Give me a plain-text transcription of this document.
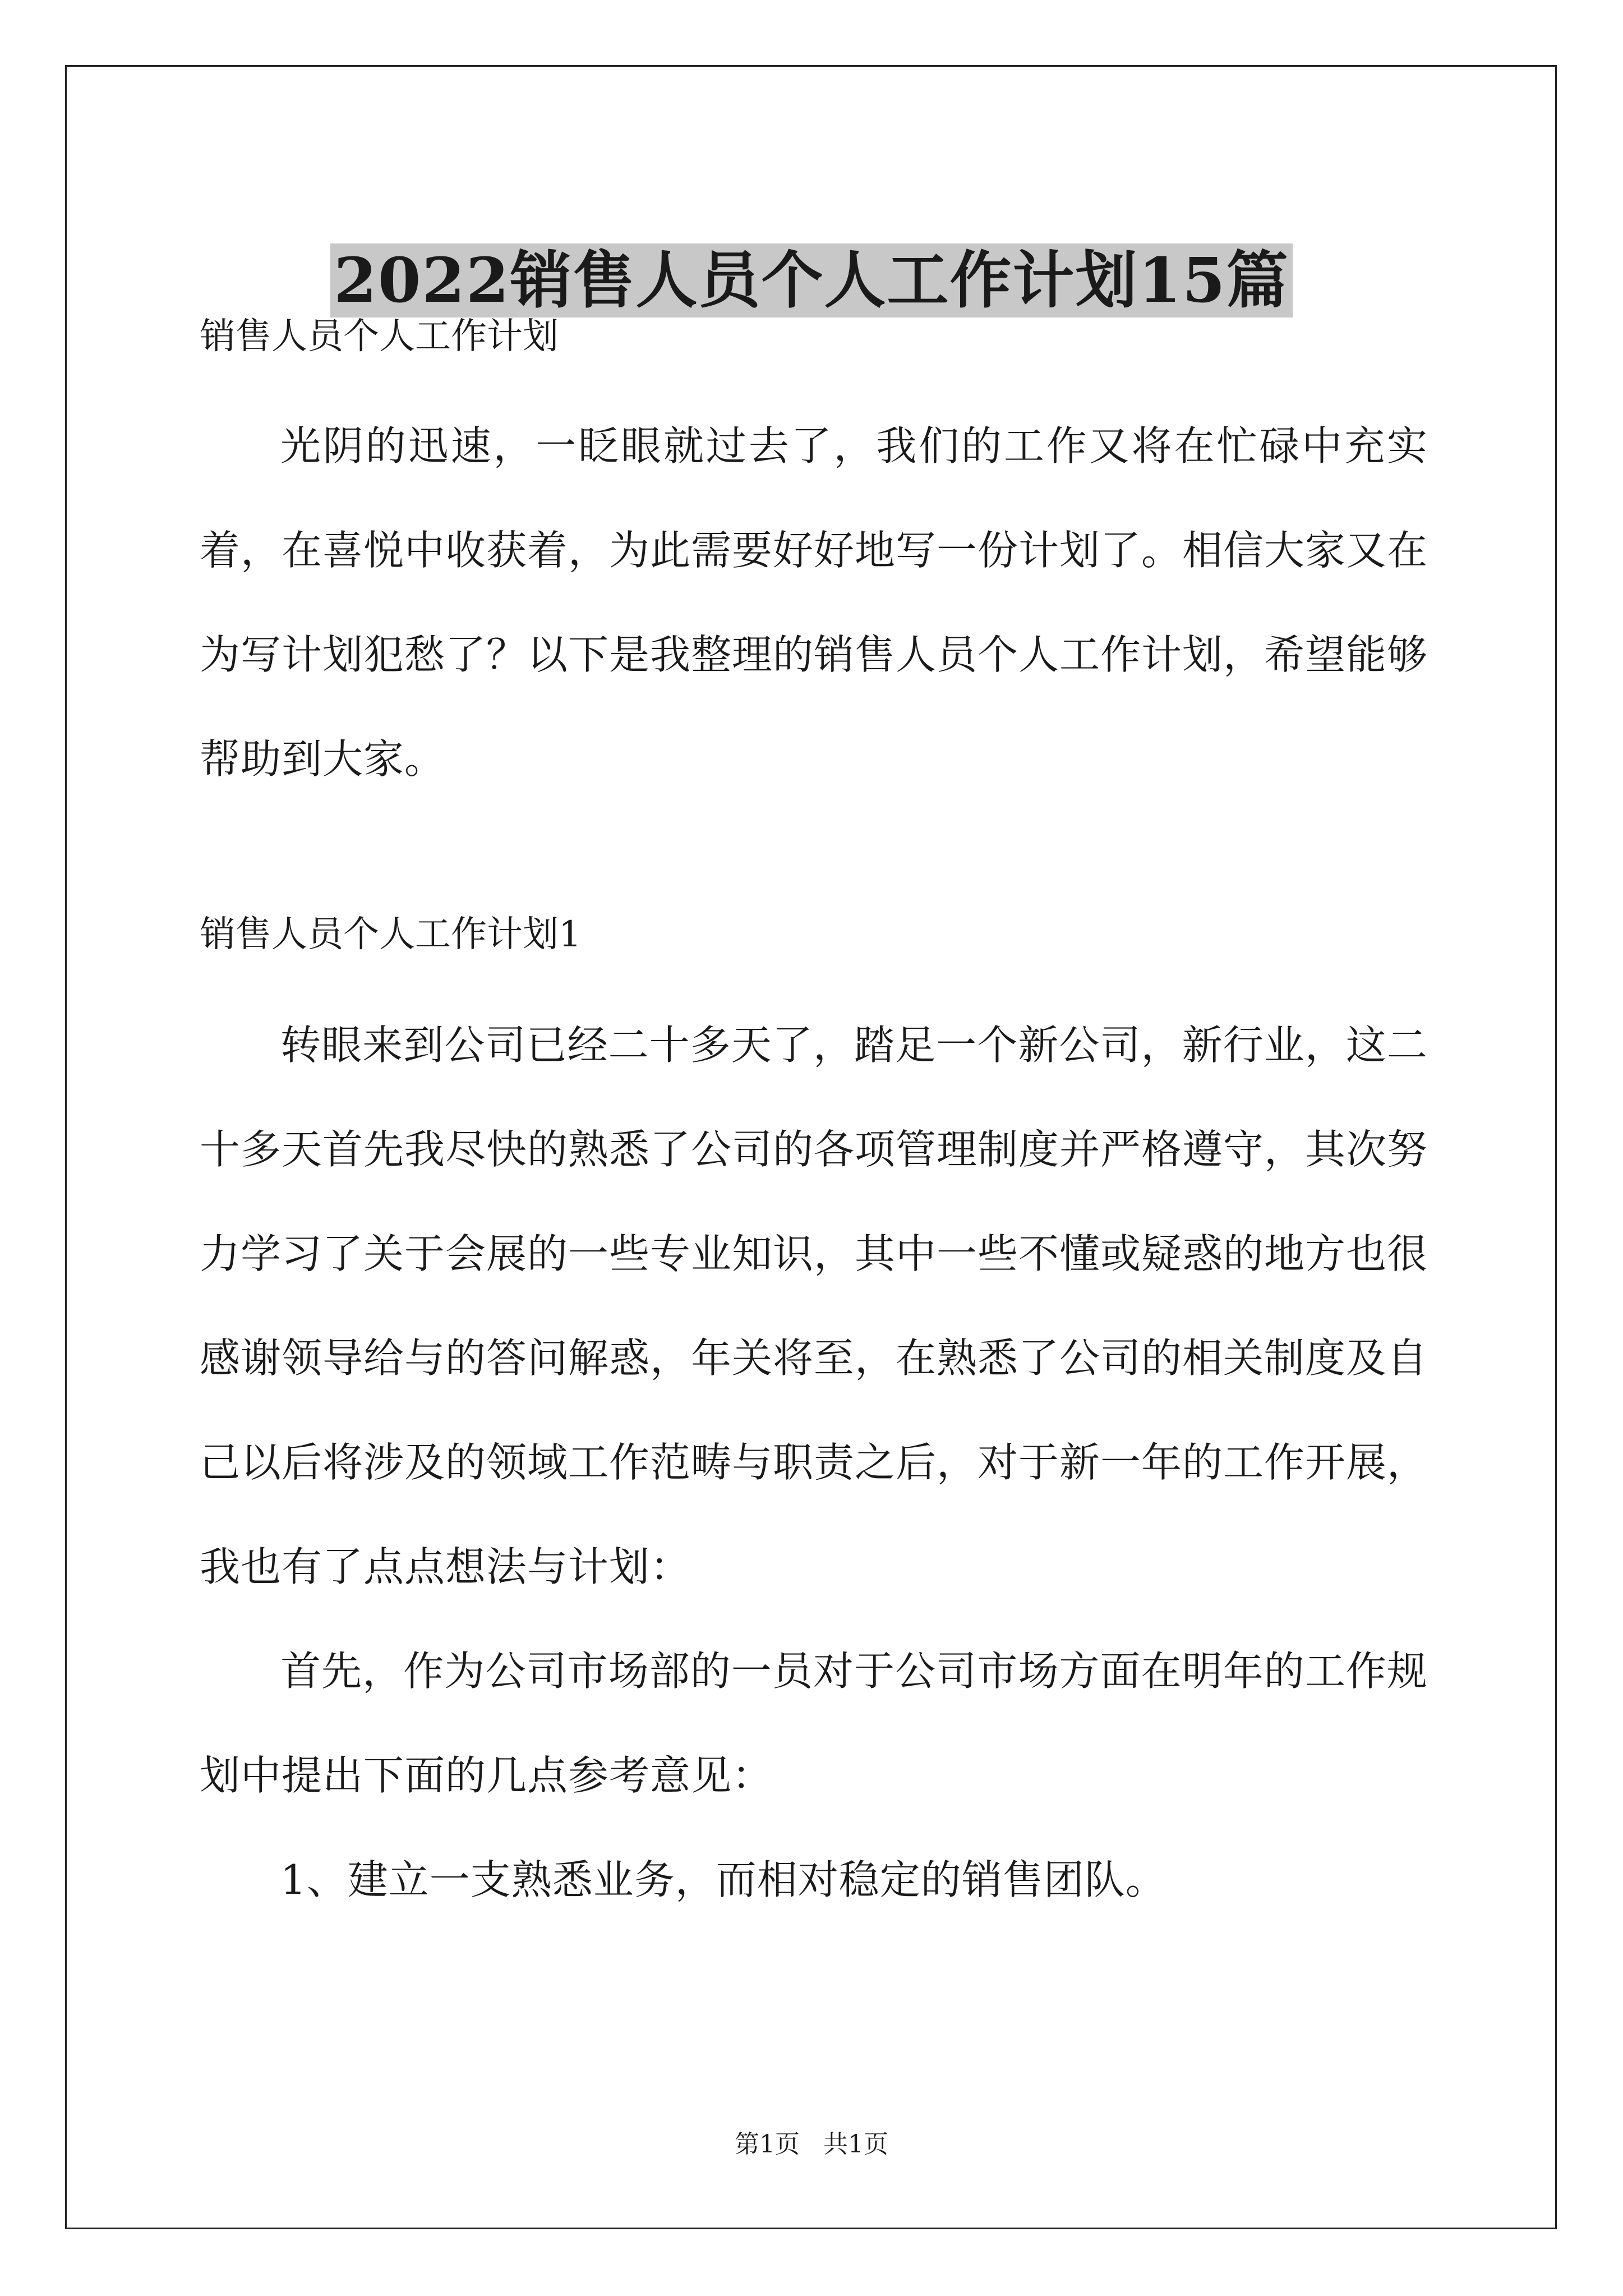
2022销售人员个人工作计划15篇

销售人员个人工作计划

光阴的迅速，一眨眼就过去了，我们的工作又将在忙碌中充实着，在喜悦中收获着，为此需要好好地写一份计划了。相信大家又在为写计划犯愁了？以下是我整理的销售人员个人工作计划，希望能够帮助到大家。

销售人员个人工作计划1

转眼来到公司已经二十多天了，踏足一个新公司，新行业，这二十多天首先我尽快的熟悉了公司的各项管理制度并严格遵守，其次努力学习了关于会展的一些专业知识，其中一些不懂或疑惑的地方也很感谢领导给与的答问解惑，年关将至，在熟悉了公司的相关制度及自己以后将涉及的领域工作范畴与职责之后，对于新一年的工作开展，我也有了点点想法与计划：

首先，作为公司市场部的一员对于公司市场方面在明年的工作规划中提出下面的几点参考意见：

1、建立一支熟悉业务，而相对稳定的销售团队。

第1页   共1页
